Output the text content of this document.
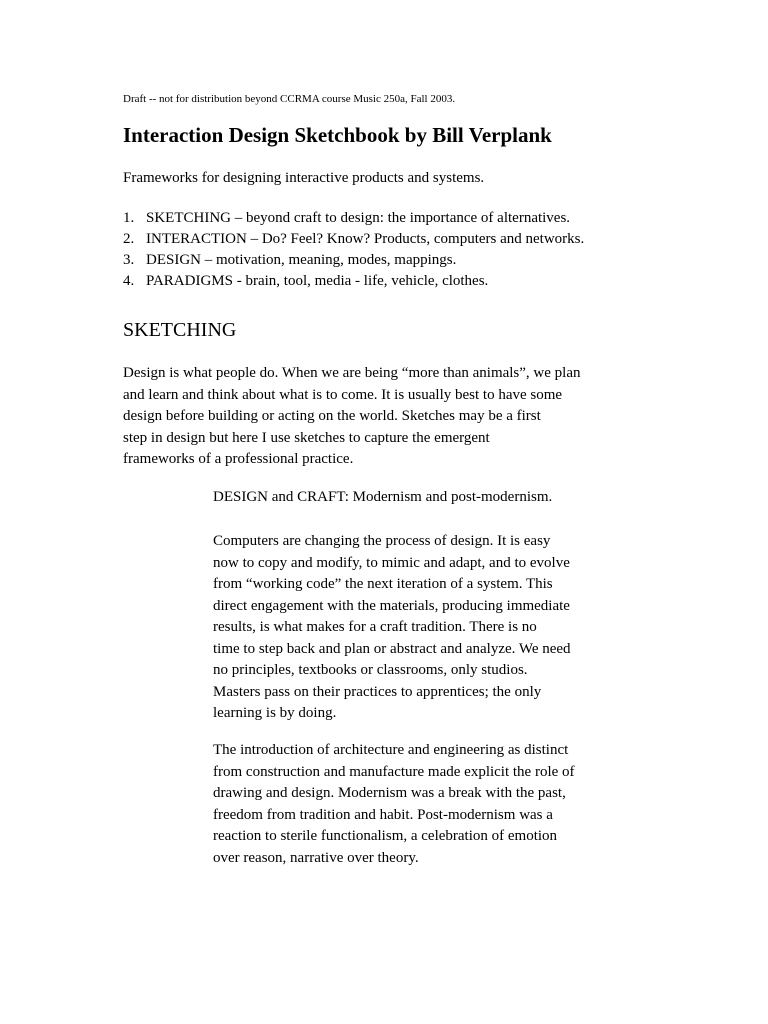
Draft -- not for distribution beyond CCRMA course Music 250a, Fall 2003.
Interaction Design Sketchbook by Bill Verplank

Frameworks for designing interactive products and systems.

1. SKETCHING – beyond craft to design: the importance of alternatives.
2. INTERACTION – Do? Feel? Know? Products, computers and networks.
3. DESIGN – motivation, meaning, modes, mappings.
4. PARADIGMS - brain, tool, media - life, vehicle, clothes.
SKETCHING

Design is what people do. When we are being “more than animals”, we plan
and learn and think about what is to come. It is usually best to have some
design before building or acting on the world. Sketches may be a first
step in design but here I use sketches to capture the emergent
frameworks of a professional practice.

DESIGN and CRAFT: Modernism and post-modernism.

Computers are changing the process of design. It is easy
now to copy and modify, to mimic and adapt, and to evolve
from “working code” the next iteration of a system. This
direct engagement with the materials, producing immediate
results, is what makes for a craft tradition. There is no
time to step back and plan or abstract and analyze. We need
no principles, textbooks or classrooms, only studios.
Masters pass on their practices to apprentices; the only
learning is by doing.

The introduction of architecture and engineering as distinct
from construction and manufacture made explicit the role of
drawing and design. Modernism was a break with the past,
freedom from tradition and habit. Post-modernism was a
reaction to sterile functionalism, a celebration of emotion
over reason, narrative over theory.
